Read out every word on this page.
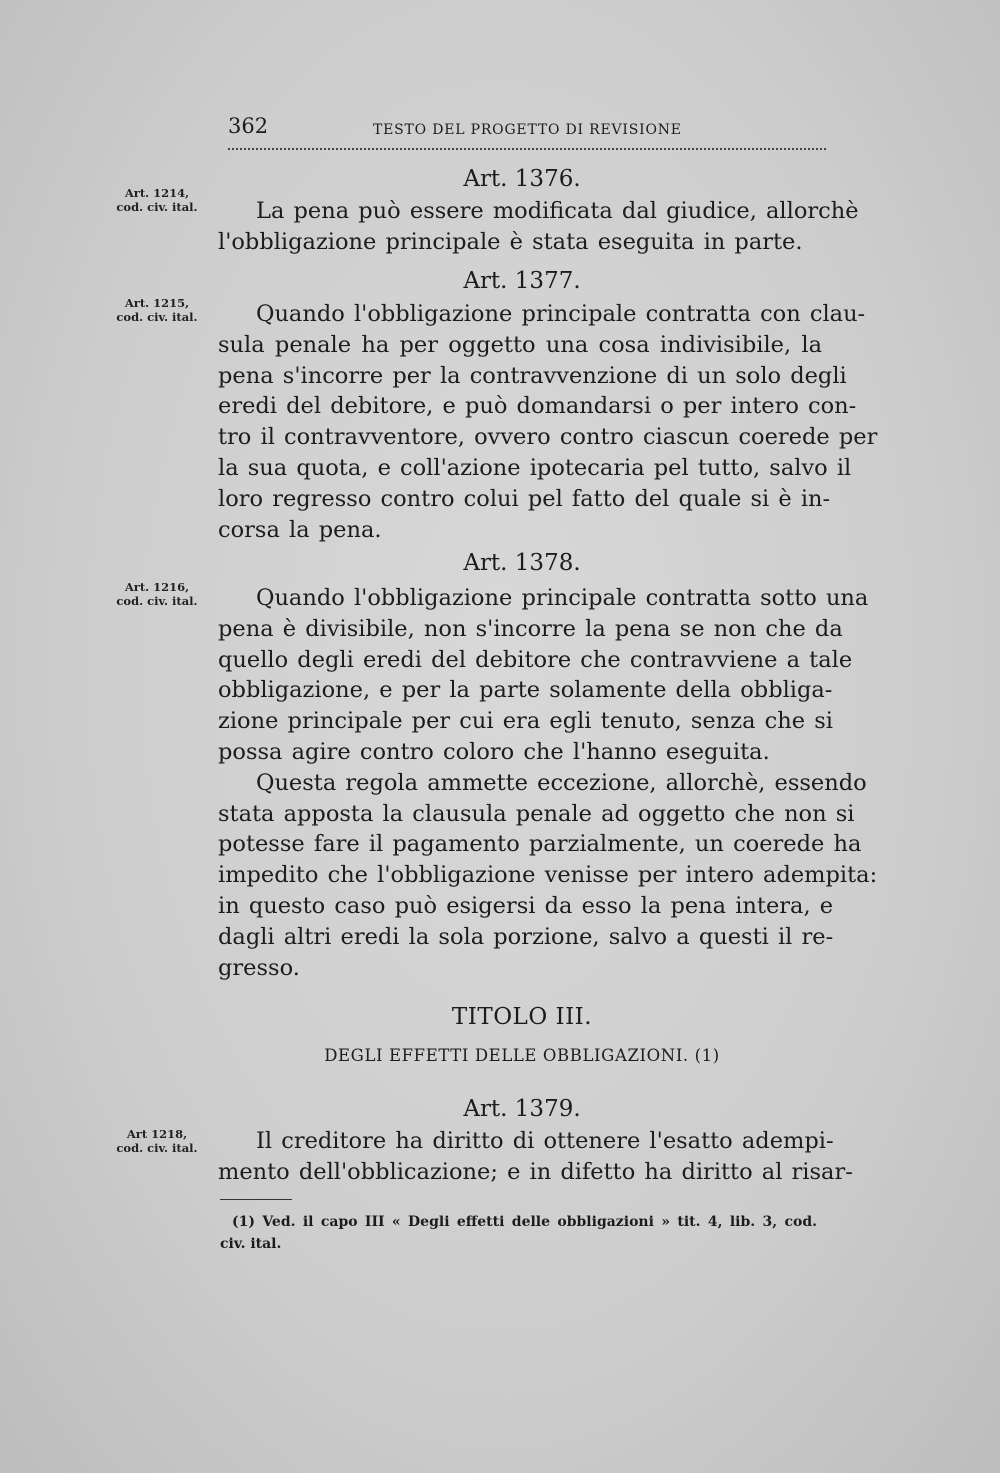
362	TESTO DEL PROGETTO DI REVISIONE
Art. 1214,
cod. civ. ital.
Art. 1215,
cod. civ. ital.
Art. 1216,
cod. civ. ital.
Art 1218,
cod. civ. ital.
Art. 1376.
La pena può essere modificata dal giudice, allorchè
l'obbligazione principale è stata eseguita in parte.
Art. 1377.
Quando l'obbligazione principale contratta con clau-
sula penale ha per oggetto una cosa indivisibile, la
pena s'incorre per la contravvenzione di un solo degli
eredi del debitore, e può domandarsi o per intero con-
tro il contravventore, ovvero contro ciascun coerede per
la sua quota, e coll'azione ipotecaria pel tutto, salvo il
loro regresso contro colui pel fatto del quale si è in-
corsa la pena.
Art. 1378.
Quando l'obbligazione principale contratta sotto una
pena è divisibile, non s'incorre la pena se non che da
quello degli eredi del debitore che contravviene a tale
obbligazione, e per la parte solamente della obbliga-
zione principale per cui era egli tenuto, senza che si
possa agire contro coloro che l'hanno eseguita.
Questa regola ammette eccezione, allorchè, essendo
stata apposta la clausula penale ad oggetto che non si
potesse fare il pagamento parzialmente, un coerede ha
impedito che l'obbligazione venisse per intero adempita:
in questo caso può esigersi da esso la pena intera, e
dagli altri eredi la sola porzione, salvo a questi il re-
gresso.
TITOLO III.
DEGLI EFFETTI DELLE OBBLIGAZIONI. (1)
Art. 1379.
Il creditore ha diritto di ottenere l'esatto adempi-
mento dell'obblicazione; e in difetto ha diritto al risar-
(1) Ved. il capo III « Degli effetti delle obbligazioni » tit. 4, lib. 3, cod.
civ. ital.
